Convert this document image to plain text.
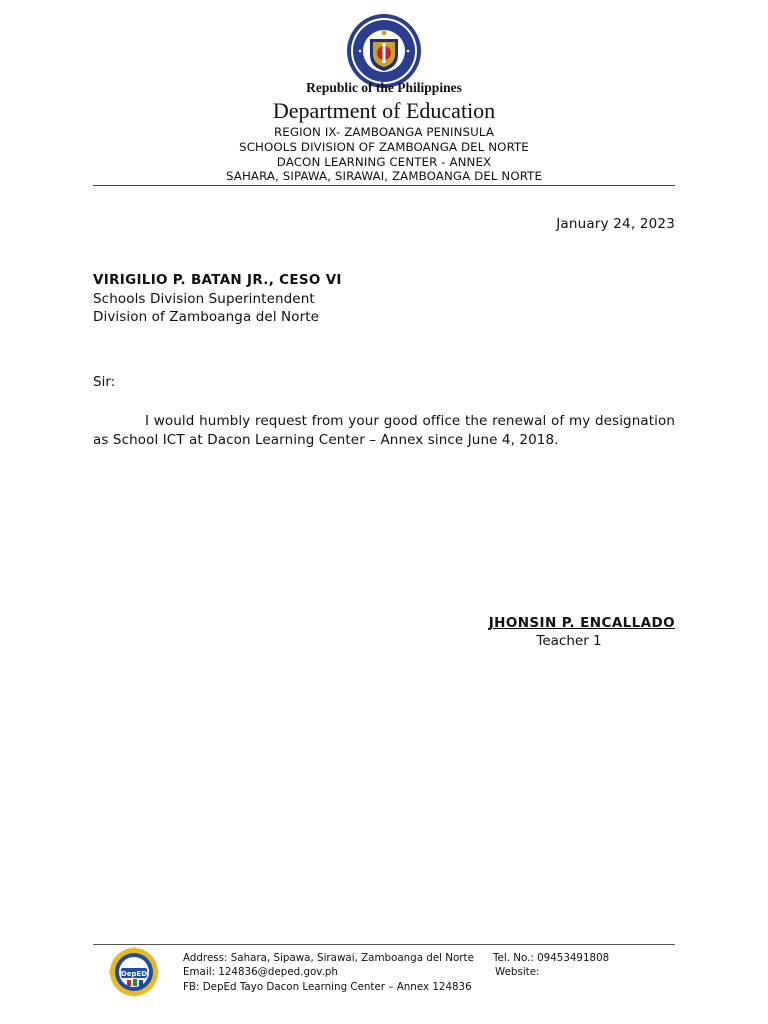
Republic of the Philippines
Department of Education
REGION IX- ZAMBOANGA PENINSULA
SCHOOLS DIVISION OF ZAMBOANGA DEL NORTE
DACON LEARNING CENTER - ANNEX
SAHARA, SIPAWA, SIRAWAI, ZAMBOANGA DEL NORTE
January 24, 2023
VIRIGILIO P. BATAN JR., CESO VI
Schools Division Superintendent
Division of Zamboanga del Norte
Sir:
I would humbly request from your good office the renewal of my designation as School ICT at Dacon Learning Center – Annex since June 4, 2018.
JHONSIN P. ENCALLADO
Teacher 1
DepED
Address: Sahara, Sipawa, Sirawai, Zamboanga del Norte
Email: 124836@deped.gov.ph
FB: DepEd Tayo Dacon Learning Center – Annex 124836
Tel. No.: 09453491808
Website:
